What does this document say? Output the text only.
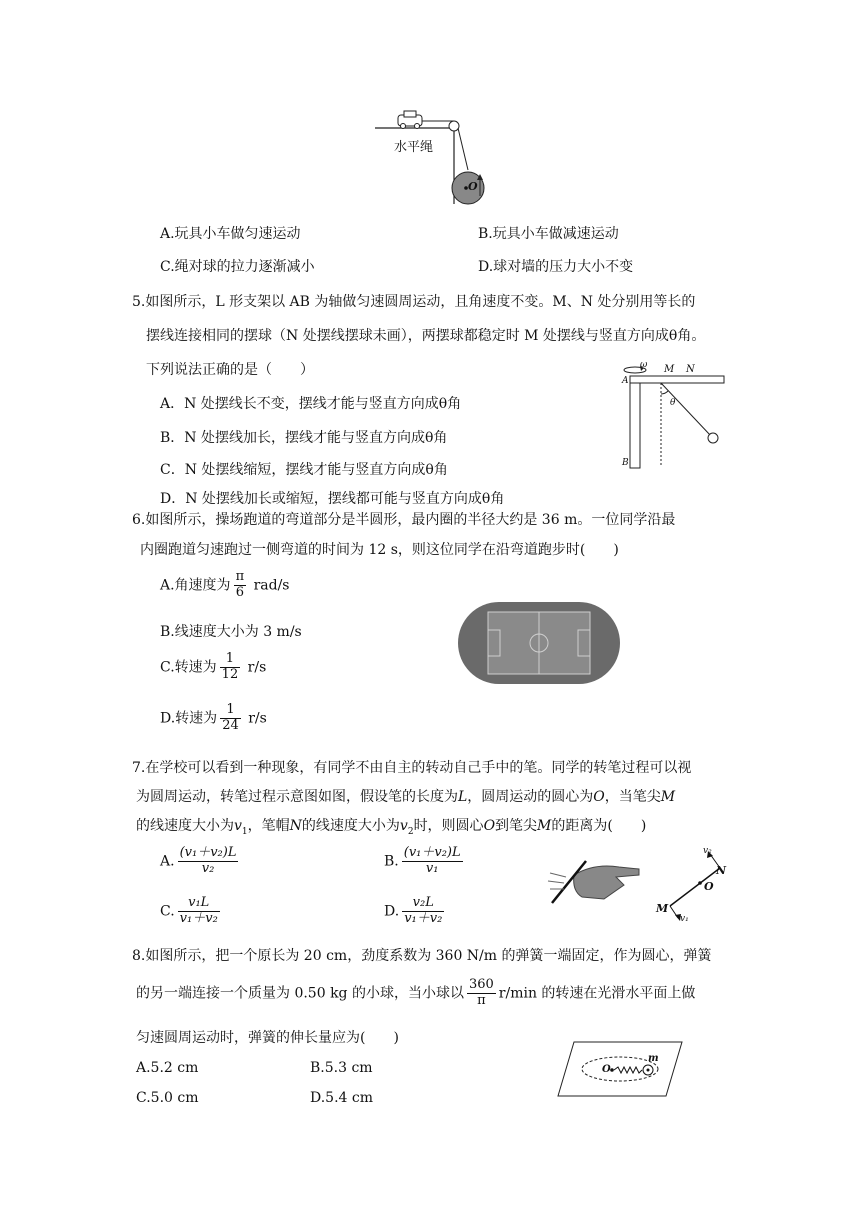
水平绳
O
A.玩具小车做匀速运动	B.玩具小车做减速运动
C.绳对球的拉力逐渐减小	D.球对墙的压力大小不变
5.如图所示，L 形支架以 AB 为轴做匀速圆周运动，且角速度不变。M、N 处分别用等长的
摆线连接相同的摆球（N 处摆线摆球未画），两摆球都稳定时 M 处摆线与竖直方向成θ角。
下列说法正确的是（　　）
A．N 处摆线长不变，摆线才能与竖直方向成θ角
B．N 处摆线加长，摆线才能与竖直方向成θ角
C．N 处摆线缩短，摆线才能与竖直方向成θ角
D．N 处摆线加长或缩短，摆线都可能与竖直方向成θ角
ω
A
M N
θ
B
6.如图所示，操场跑道的弯道部分是半圆形，最内圈的半径大约是 36 m。一位同学沿最
内圈跑道匀速跑过一侧弯道的时间为 12 s，则这位同学在沿弯道跑步时(　　)
A.角速度为 $\frac{\pi}{6} rad/s$
B.线速度大小为 3 m/s
C.转速为 $\frac{1}{12} r/s$
D.转速为 $\frac{1}{24} r/s$
7.在学校可以看到一种现象，有同学不由自主的转动自己手中的笔。同学的转笔过程可以视
为圆周运动，转笔过程示意图如图，假设笔的长度为L，圆周运动的圆心为O，当笔尖M
的线速度大小为$v_1$，笔帽N的线速度大小为$v_2$时，则圆心O到笔尖M的距离为(　　)
A. $\frac{\text{(v₁＋v₂)L}}{\text{v₂}}$	B. $\frac{\text{(v₁＋v₂)L}}{\text{v₁}}$
C. $\frac{\text{v₁L}}{\text{v₁＋v₂}}$	D. $\frac{\text{v₂L}}{\text{v₁＋v₂}}$
v₂
N
O
M
v₁
8.如图所示，把一个原长为 20 cm，劲度系数为 360 N/m 的弹簧一端固定，作为圆心，弹簧
的另一端连接一个质量为 0.50 kg 的小球，当小球以 $\frac{360}{\pi} r/\min$ 的转速在光滑水平面上做
匀速圆周运动时，弹簧的伸长量应为(　　)
A.5.2 cm	B.5.3 cm
C.5.0 cm	D.5.4 cm
O
m
